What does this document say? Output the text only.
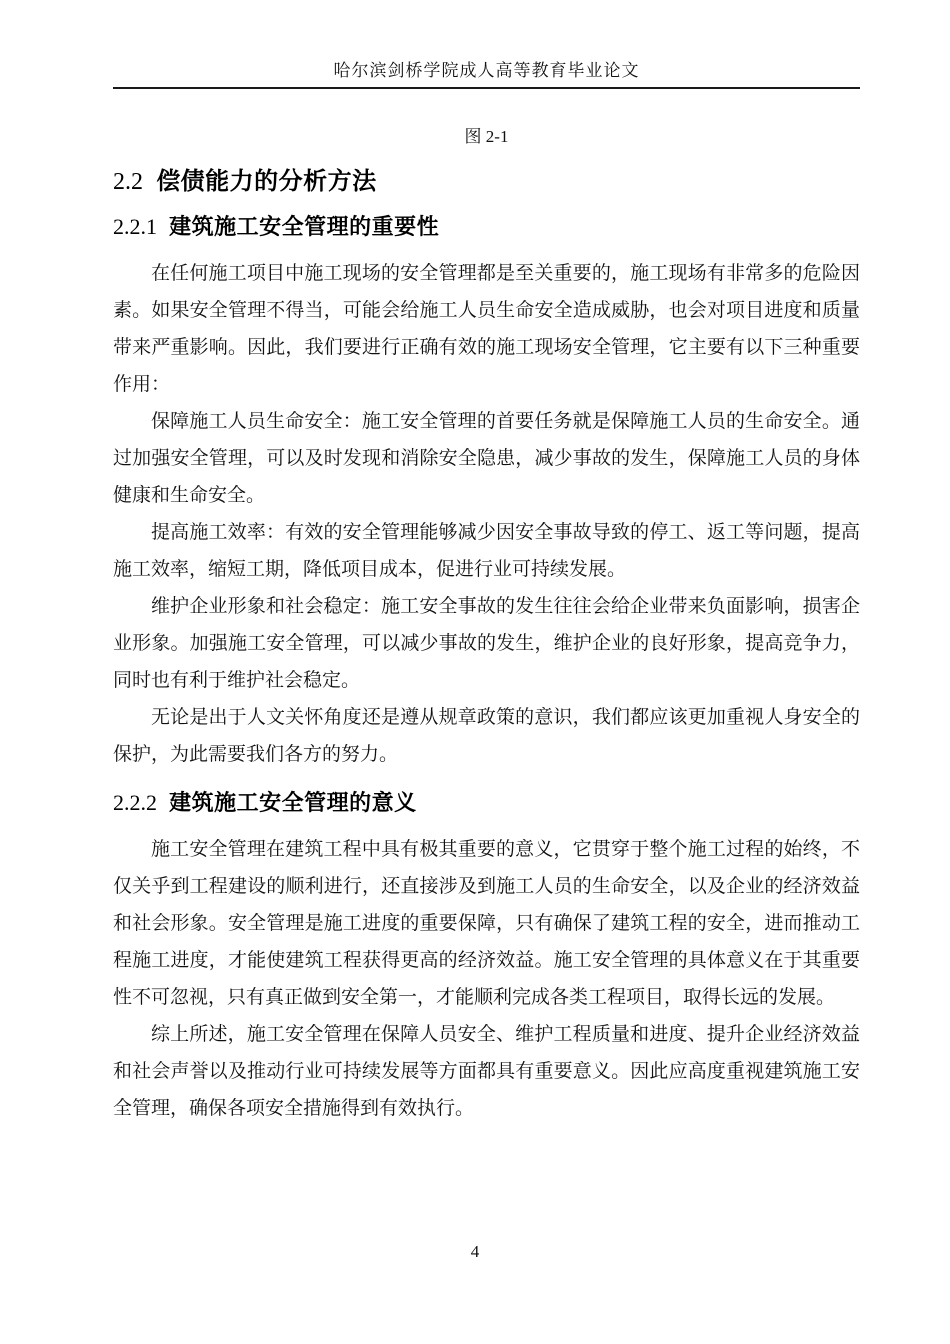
哈尔滨剑桥学院成人高等教育毕业论文
图 2-1
2.2 偿债能力的分析方法
2.2.1 建筑施工安全管理的重要性

在任何施工项目中施工现场的安全管理都是至关重要的，施工现场有非常多的危险因素。如果安全管理不得当，可能会给施工人员生命安全造成威胁，也会对项目进度和质量带来严重影响。因此，我们要进行正确有效的施工现场安全管理，它主要有以下三种重要作用：

保障施工人员生命安全：施工安全管理的首要任务就是保障施工人员的生命安全。通过加强安全管理，可以及时发现和消除安全隐患，减少事故的发生，保障施工人员的身体健康和生命安全。

提高施工效率：有效的安全管理能够减少因安全事故导致的停工、返工等问题，提高施工效率，缩短工期，降低项目成本，促进行业可持续发展。

维护企业形象和社会稳定：施工安全事故的发生往往会给企业带来负面影响，损害企业形象。加强施工安全管理，可以减少事故的发生，维护企业的良好形象，提高竞争力，同时也有利于维护社会稳定。

无论是出于人文关怀角度还是遵从规章政策的意识，我们都应该更加重视人身安全的保护，为此需要我们各方的努力。

2.2.2 建筑施工安全管理的意义

施工安全管理在建筑工程中具有极其重要的意义，它贯穿于整个施工过程的始终，不仅关乎到工程建设的顺利进行，还直接涉及到施工人员的生命安全，以及企业的经济效益和社会形象。安全管理是施工进度的重要保障，只有确保了建筑工程的安全，进而推动工程施工进度，才能使建筑工程获得更高的经济效益。施工安全管理的具体意义在于其重要性不可忽视，只有真正做到安全第一，才能顺利完成各类工程项目，取得长远的发展。

综上所述，施工安全管理在保障人员安全、维护工程质量和进度、提升企业经济效益和社会声誉以及推动行业可持续发展等方面都具有重要意义。因此应高度重视建筑施工安全管理，确保各项安全措施得到有效执行。

4
